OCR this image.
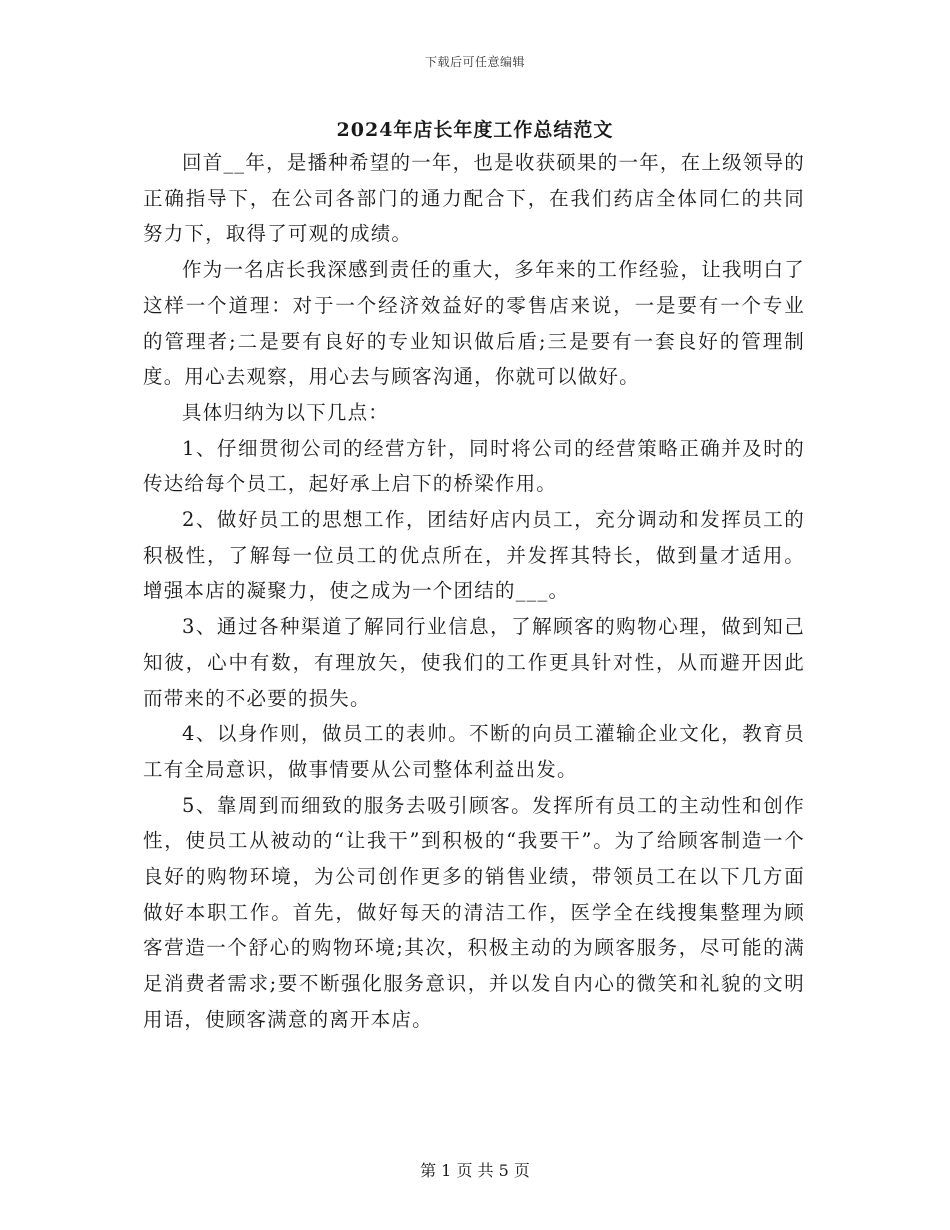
下载后可任意编辑
2024年店长年度工作总结范文

回首__年，是播种希望的一年，也是收获硕果的一年，在上级领导的正确指导下，在公司各部门的通力配合下，在我们药店全体同仁的共同努力下，取得了可观的成绩。

作为一名店长我深感到责任的重大，多年来的工作经验，让我明白了这样一个道理：对于一个经济效益好的零售店来说，一是要有一个专业的管理者;二是要有良好的专业知识做后盾;三是要有一套良好的管理制度。用心去观察，用心去与顾客沟通，你就可以做好。

具体归纳为以下几点：

1、仔细贯彻公司的经营方针，同时将公司的经营策略正确并及时的传达给每个员工，起好承上启下的桥梁作用。

2、做好员工的思想工作，团结好店内员工，充分调动和发挥员工的积极性，了解每一位员工的优点所在，并发挥其特长，做到量才适用。增强本店的凝聚力，使之成为一个团结的___。

3、通过各种渠道了解同行业信息，了解顾客的购物心理，做到知己知彼，心中有数，有理放矢，使我们的工作更具针对性，从而避开因此而带来的不必要的损失。

4、以身作则，做员工的表帅。不断的向员工灌输企业文化，教育员工有全局意识，做事情要从公司整体利益出发。

5、靠周到而细致的服务去吸引顾客。发挥所有员工的主动性和创作性，使员工从被动的“让我干”到积极的“我要干”。为了给顾客制造一个良好的购物环境，为公司创作更多的销售业绩，带领员工在以下几方面做好本职工作。首先，做好每天的清洁工作，医学全在线搜集整理为顾客营造一个舒心的购物环境;其次，积极主动的为顾客服务，尽可能的满足消费者需求;要不断强化服务意识，并以发自内心的微笑和礼貌的文明用语，使顾客满意的离开本店。

第 1 页 共 5 页
